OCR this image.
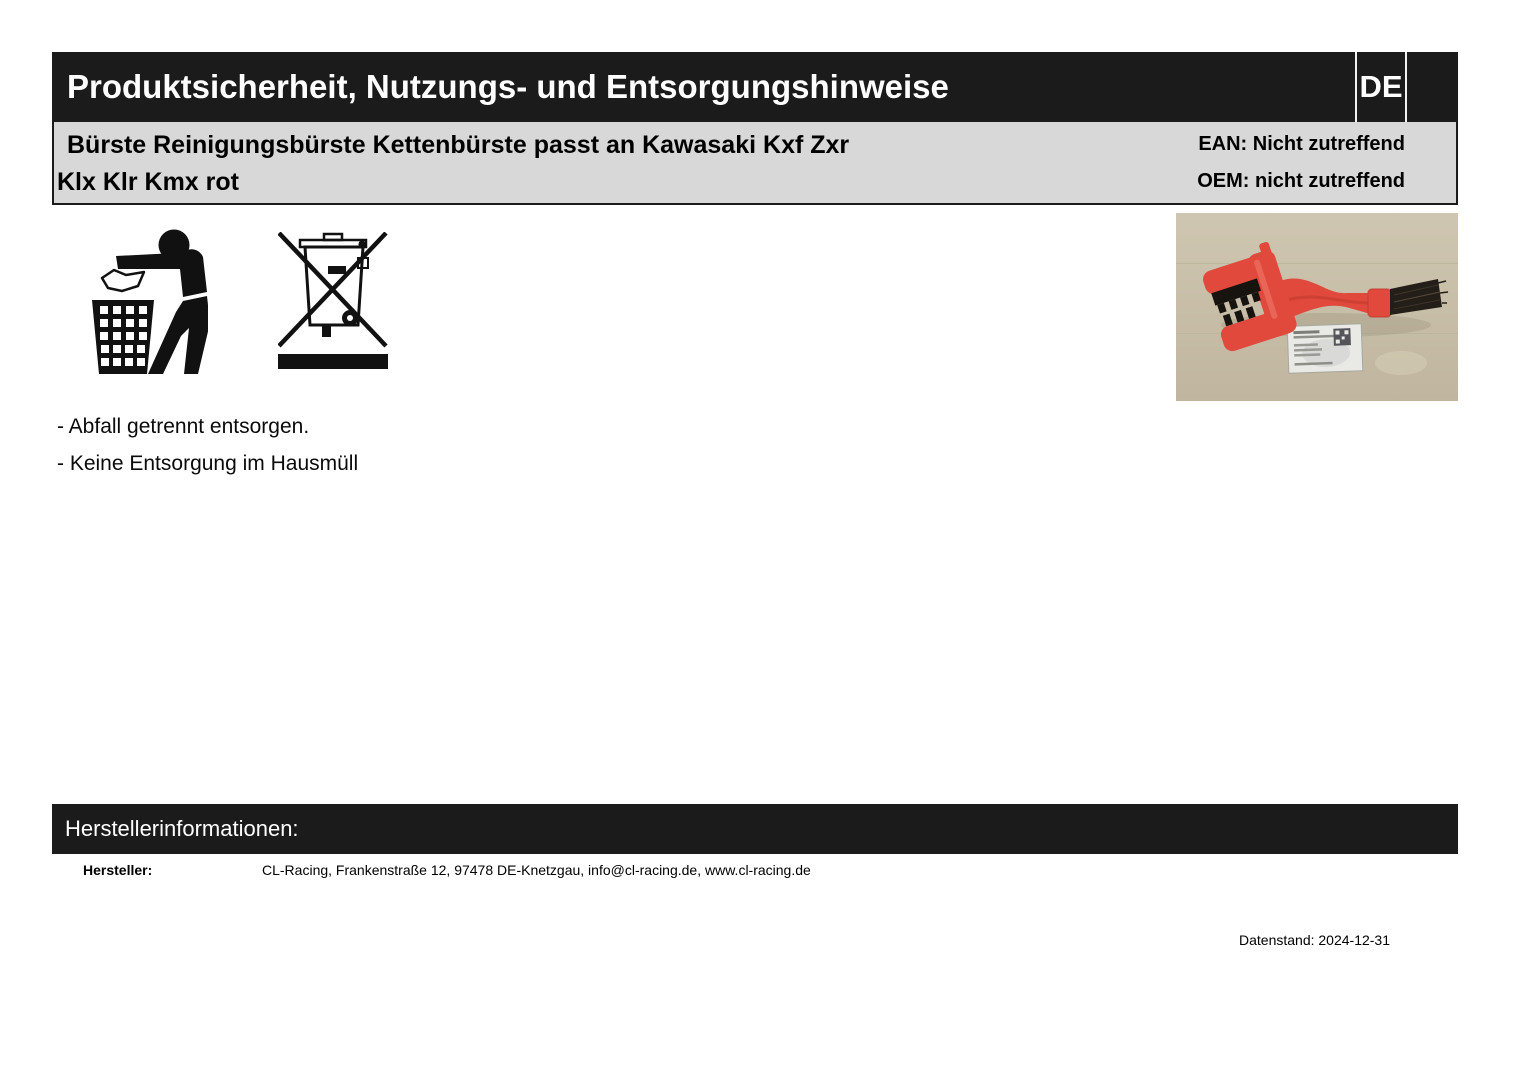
Produktsicherheit, Nutzungs- und Entsorgungshinweise	DE
Bürste Reinigungsbürste Kettenbürste passt an Kawasaki Kxf Zxr
Klx Klr Kmx rot
EAN: Nicht zutreffend
OEM: nicht zutreffend

- Abfall getrennt entsorgen.

- Keine Entsorgung im Hausmüll

Herstellerinformationen:
Hersteller:	CL-Racing, Frankenstraße 12, 97478 DE-Knetzgau, info@cl-racing.de, www.cl-racing.de
Datenstand: 2024-12-31
